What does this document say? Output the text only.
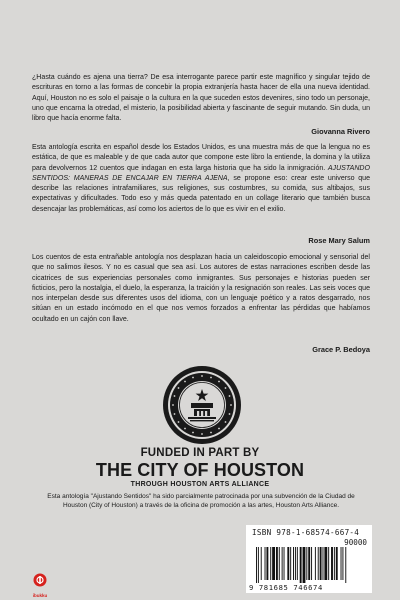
¿Hasta cuándo es ajena una tierra? De esa interrogante parece partir este magnífico y singular tejido de escrituras en torno a las formas de concebir la propia extranjería hasta hacer de ella una nueva identidad. Aquí, Houston no es solo el paisaje o la cultura en la que suceden estos devenires, sino todo un personaje, uno que encarna la otredad, el misterio, la posibilidad abierta y fascinante de seguir mutando. Sin duda, un libro que hacía enorme falta.

Giovanna Rivero

Esta antología escrita en español desde los Estados Unidos, es una muestra más de que la lengua no es estática, de que es maleable y de que cada autor que compone este libro la entiende, la domina y la utiliza para devolvernos 12 cuentos que indagan en esta larga historia que ha sido la inmigración. AJUSTANDO SENTIDOS: MANERAS DE ENCAJAR EN TIERRA AJENA, se propone eso: crear este universo que describe las relaciones intrafamiliares, sus religiones, sus costumbres, su comida, sus altibajos, sus expectativas y dificultades. Todo eso y más queda patentado en un collage literario que también busca desencajar las problemáticas, así como los aciertos de lo que es vivir en el exilio.

Rose Mary Salum

Los cuentos de esta entrañable antología nos desplazan hacia un caleidoscopio emocional y sensorial del que no salimos ilesos. Y no es casual que sea así. Los autores de estas narraciones escriben desde las cicatrices de sus experiencias personales como inmigrantes. Sus personajes e historias pueden ser ficticios, pero la nostalgia, el duelo, la esperanza, la traición y la resignación son reales. Las seis voces que nos interpelan desde sus diferentes usos del idioma, con un lenguaje poético y a ratos desgarrado, nos sitúan en un estado incómodo en el que nos vemos forzados a enfrentar las pérdidas que habíamos ocultado en un cajón con llave.

Grace P. Bedoya

FUNDED IN PART BY

THE CITY OF HOUSTON

THROUGH HOUSTON ARTS ALLIANCE

Esta antología "Ajustando Sentidos" ha sido parcialmente patrocinada por una subvención de la Ciudad de Houston (City of Houston) a través de la oficina de promoción a las artes, Houston Arts Alliance.

ISBN 978-1-68574-667-4
90000
9 781685 746674
ibukku
